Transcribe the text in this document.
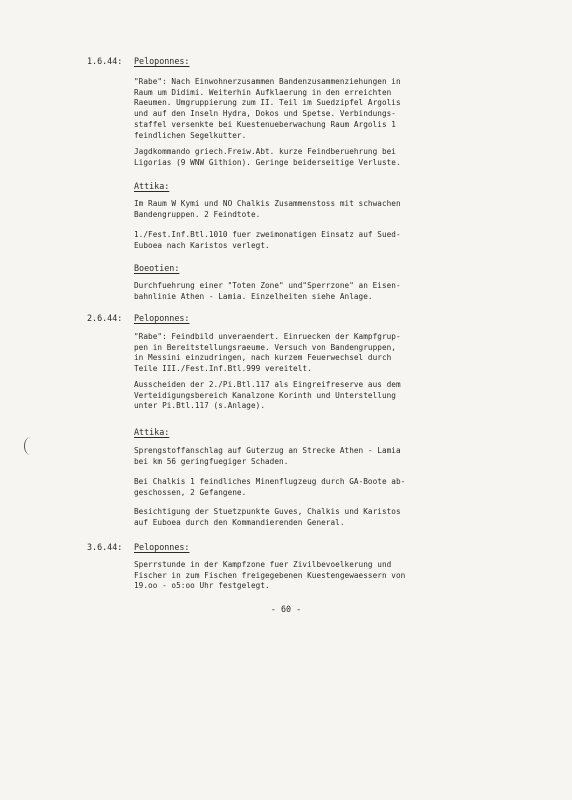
1.6.44: Peloponnes:
"Rabe": Nach Einwohnerzusammen Bandenzusammenziehungen in
Raum um Didimi. Weiterhin Aufklaerung in den erreichten
Raeumen. Umgruppierung zum II. Teil im Suedzipfel Argolis
und auf den Inseln Hydra, Dokos und Spetse. Verbindungs-
staffel versenkte bei Kuestenueberwachung Raum Argolis 1
feindlichen Segelkutter.
Jagdkommando griech.Freiw.Abt. kurze Feindberuehrung bei
Ligorias (9 WNW Githion). Geringe beiderseitige Verluste.
Attika:
Im Raum W Kymi und NO Chalkis Zusammenstoss mit schwachen
Bandengruppen. 2 Feindtote.
1./Fest.Inf.Btl.1010 fuer zweimonatigen Einsatz auf Sued-
Euboea nach Karistos verlegt.
Boeotien:
Durchfuehrung einer "Toten Zone" und"Sperrzone" an Eisen-
bahnlinie Athen - Lamia. Einzelheiten siehe Anlage.
2.6.44: Peloponnes:
"Rabe": Feindbild unveraendert. Einruecken der Kampfgrup-
pen in Bereitstellungsraeume. Versuch von Bandengruppen,
in Messini einzudringen, nach kurzem Feuerwechsel durch
Teile III./Fest.Inf.Btl.999 vereitelt.
Ausscheiden der 2./Pi.Btl.117 als Eingreifreserve aus dem
Verteidigungsbereich Kanalzone Korinth und Unterstellung
unter Pi.Btl.117 (s.Anlage).
Attika:
Sprengstoffanschlag auf Guterzug an Strecke Athen - Lamia
bei km 56 geringfuegiger Schaden.
Bei Chalkis 1 feindliches Minenflugzeug durch GA-Boote ab-
geschossen, 2 Gefangene.
Besichtigung der Stuetzpunkte Guves, Chalkis und Karistos
auf Euboea durch den Kommandierenden General.
3.6.44: Peloponnes:
Sperrstunde in der Kampfzone fuer Zivilbevoelkerung und
Fischer in zum Fischen freigegebenen Kuestengewaessern von
19.oo - o5:oo Uhr festgelegt.
- 60 -
